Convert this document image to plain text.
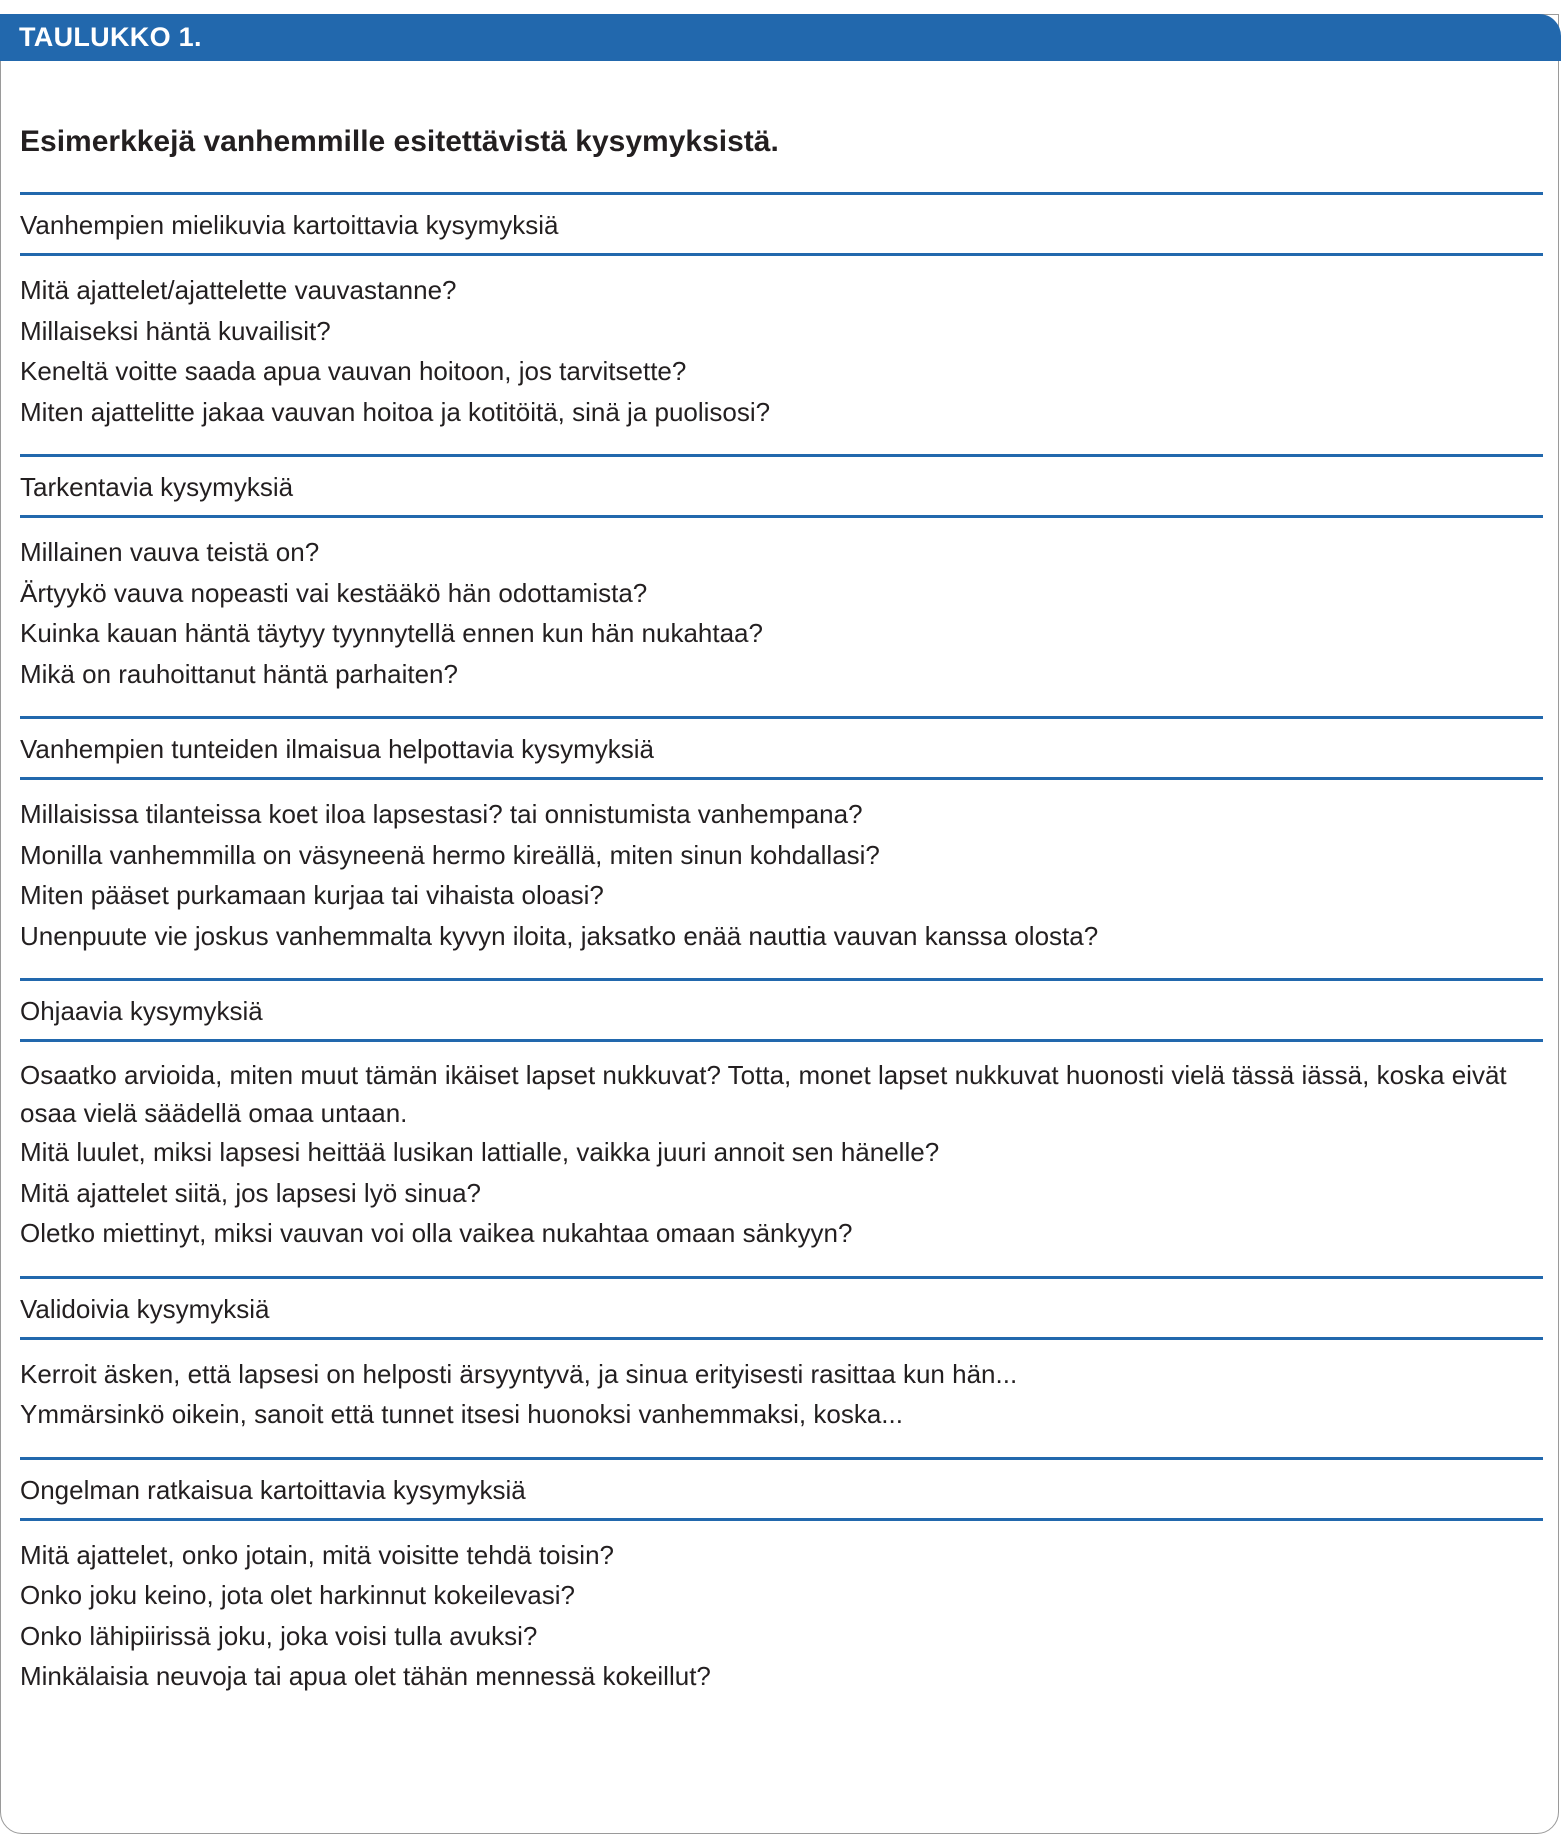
TAULUKKO 1.
Esimerkkejä vanhemmille esitettävistä kysymyksistä.
Vanhempien mielikuvia kartoittavia kysymyksiä
Mitä ajattelet/ajattelette vauvastanne?
Millaiseksi häntä kuvailisit?
Keneltä voitte saada apua vauvan hoitoon, jos tarvitsette?
Miten ajattelitte jakaa vauvan hoitoa ja kotitöitä, sinä ja puolisosi?
Tarkentavia kysymyksiä
Millainen vauva teistä on?
Ärtyykö vauva nopeasti vai kestääkö hän odottamista?
Kuinka kauan häntä täytyy tyynnytellä ennen kun hän nukahtaa?
Mikä on rauhoittanut häntä parhaiten?
Vanhempien tunteiden ilmaisua helpottavia kysymyksiä
Millaisissa tilanteissa koet iloa lapsestasi? tai onnistumista vanhempana?
Monilla vanhemmilla on väsyneenä hermo kireällä, miten sinun kohdallasi?
Miten pääset purkamaan kurjaa tai vihaista oloasi?
Unenpuute vie joskus vanhemmalta kyvyn iloita, jaksatko enää nauttia vauvan kanssa olosta?
Ohjaavia kysymyksiä
Osaatko arvioida, miten muut tämän ikäiset lapset nukkuvat? Totta, monet lapset nukkuvat huonosti vielä tässä iässä, koska eivät osaa vielä säädellä omaa untaan.
Mitä luulet, miksi lapsesi heittää lusikan lattialle, vaikka juuri annoit sen hänelle?
Mitä ajattelet siitä, jos lapsesi lyö sinua?
Oletko miettinyt, miksi vauvan voi olla vaikea nukahtaa omaan sänkyyn?
Validoivia kysymyksiä
Kerroit äsken, että lapsesi on helposti ärsyyntyvä, ja sinua erityisesti rasittaa kun hän...
Ymmärsinkö oikein, sanoit että tunnet itsesi huonoksi vanhemmaksi, koska...
Ongelman ratkaisua kartoittavia kysymyksiä
Mitä ajattelet, onko jotain, mitä voisitte tehdä toisin?
Onko joku keino, jota olet harkinnut kokeilevasi?
Onko lähipiirissä joku, joka voisi tulla avuksi?
Minkälaisia neuvoja tai apua olet tähän mennessä kokeillut?
